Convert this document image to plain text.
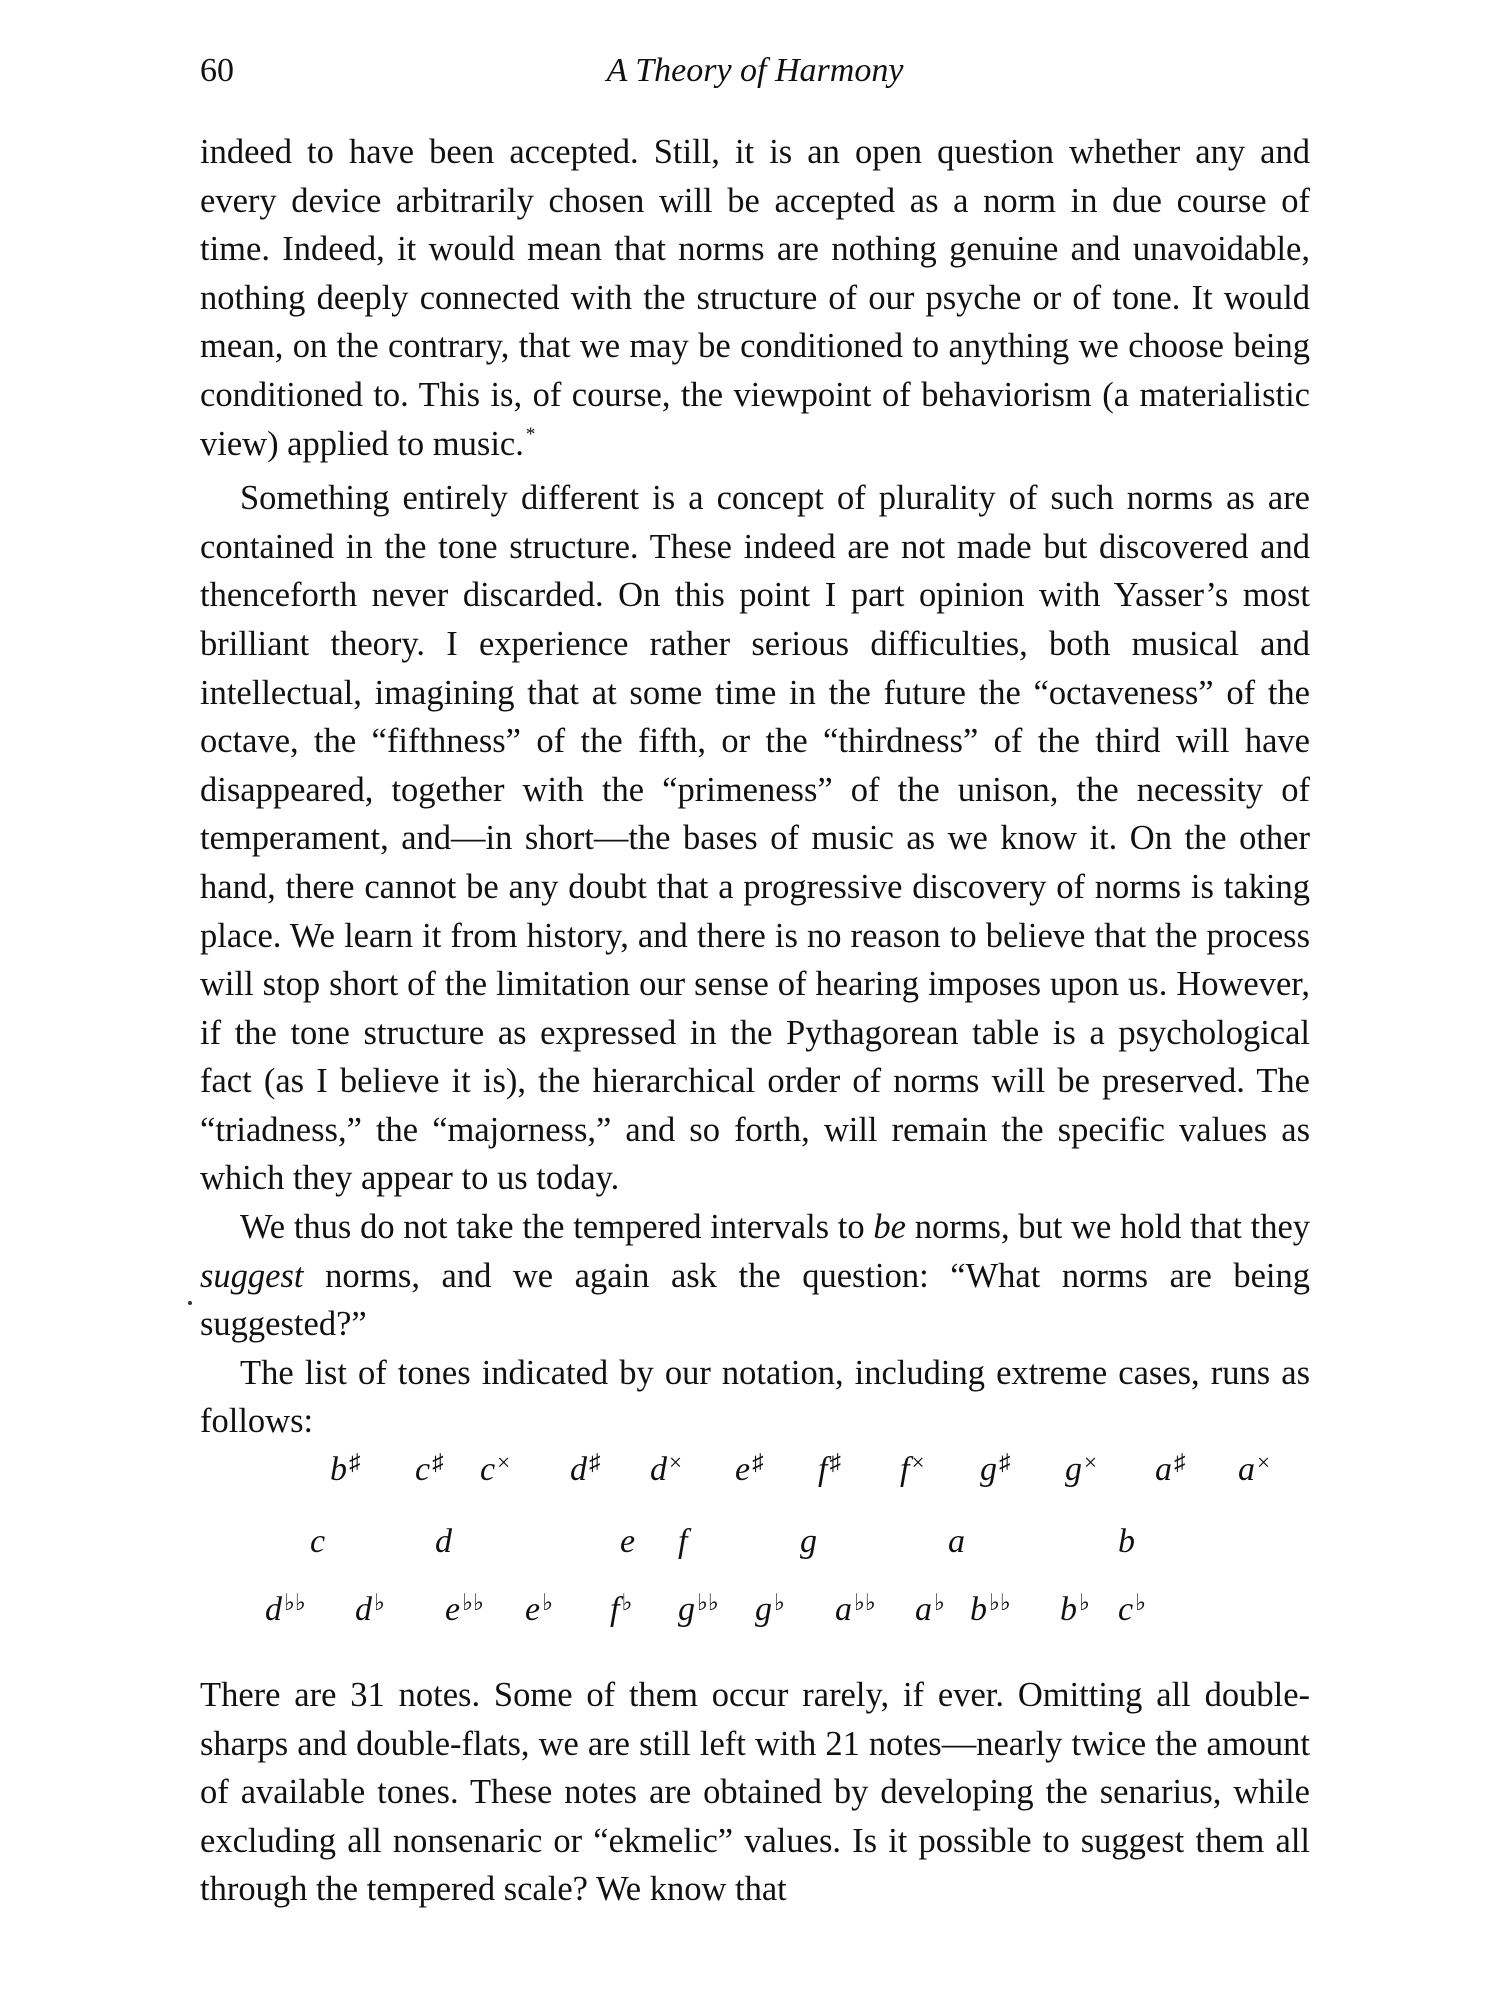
60	A Theory of Harmony

indeed to have been accepted. Still, it is an open question whether any and every device arbitrarily chosen will be accepted as a norm in due course of time. Indeed, it would mean that norms are nothing genuine and unavoidable, nothing deeply connected with the structure of our psyche or of tone. It would mean, on the contrary, that we may be conditioned to anything we choose being conditioned to. This is, of course, the viewpoint of behaviorism (a materialistic view) applied to music. *

Something entirely different is a concept of plurality of such norms as are contained in the tone structure. These indeed are not made but discovered and thenceforth never discarded. On this point I part opinion with Yasser’s most brilliant theory. I experience rather serious difficulties, both musical and intellectual, imagining that at some time in the future the “octaveness” of the octave, the “fifthness” of the fifth, or the “thirdness” of the third will have disappeared, together with the “primeness” of the unison, the necessity of temperament, and—in short—the bases of music as we know it. On the other hand, there cannot be any doubt that a progressive discovery of norms is taking place. We learn it from history, and there is no reason to believe that the process will stop short of the limitation our sense of hearing imposes upon us. However, if the tone structure as expressed in the Pythagorean table is a psychological fact (as I believe it is), the hierarchical order of norms will be preserved. The “triadness,” the “majorness,” and so forth, will remain the specific values as which they appear to us today.

We thus do not take the tempered intervals to be norms, but we hold that they suggest norms, and we again ask the question: “What norms are being suggested?”

The list of tones indicated by our notation, including extreme cases, runs as follows:

b♯ c♯ c× d♯ d× e♯ f♯ f× g♯ g× a♯ a×
c	d	e f	g	a	b
d♭♭ d♭ e♭♭ e♭ f♭ g♭♭ g♭ a♭♭ a♭ b♭♭ b♭ c♭

There are 31 notes. Some of them occur rarely, if ever. Omitting all double-sharps and double-flats, we are still left with 21 notes—nearly twice the amount of available tones. These notes are obtained by developing the senarius, while excluding all nonsenaric or “ekmelic” values. Is it possible to suggest them all through the tempered scale? We know that
